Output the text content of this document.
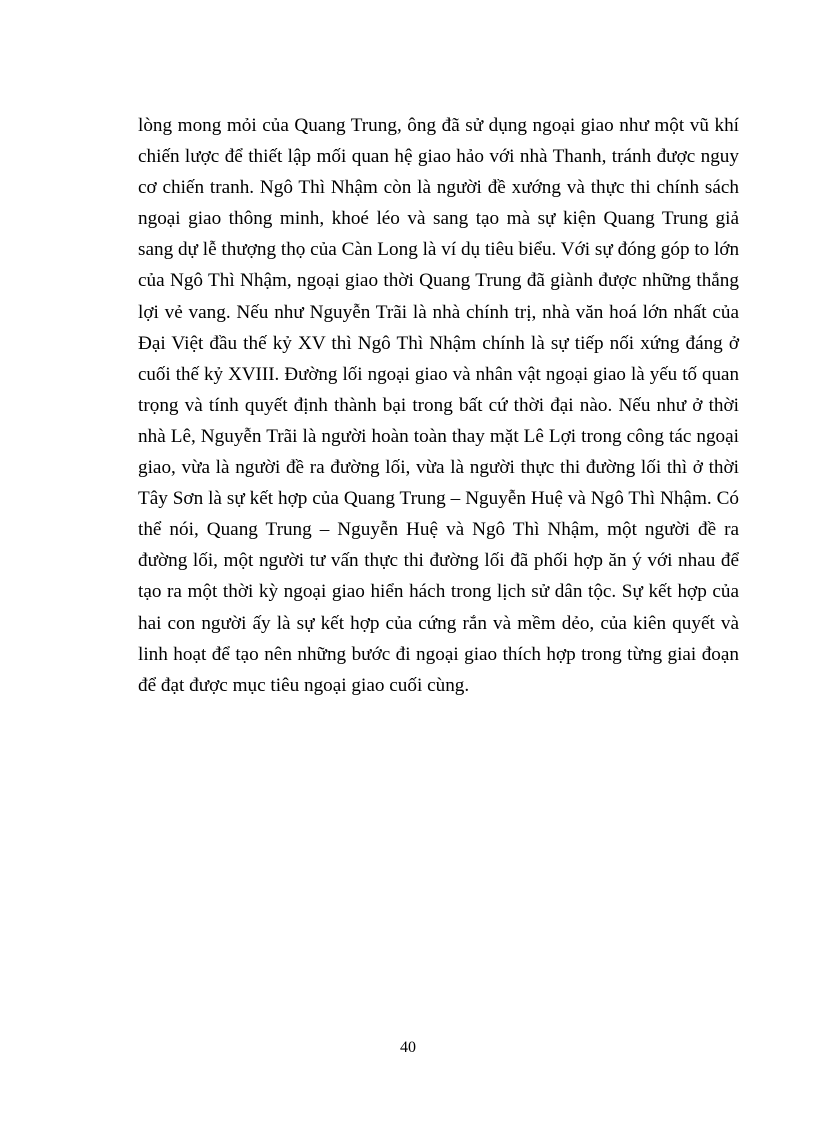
lòng mong mỏi của Quang Trung, ông đã sử dụng ngoại giao như một vũ khí
chiến lược để thiết lập mối quan hệ giao hảo với nhà Thanh, tránh được nguy
cơ chiến tranh. Ngô Thì Nhậm còn là người đề xướng và thực thi chính sách
ngoại giao thông minh, khoé léo và sang tạo mà sự kiện Quang Trung giả
sang dự lễ thượng thọ của Càn Long là ví dụ tiêu biểu. Với sự đóng góp to lớn
của Ngô Thì Nhậm, ngoại giao thời Quang Trung đã giành được những thắng
lợi vẻ vang. Nếu như Nguyễn Trãi là nhà chính trị, nhà văn hoá lớn nhất của
Đại Việt đầu thế kỷ XV thì Ngô Thì Nhậm chính là sự tiếp nối xứng đáng ở
cuối thế kỷ XVIII. Đường lối ngoại giao và nhân vật ngoại giao là yếu tố quan
trọng và tính quyết định thành bại trong bất cứ thời đại nào. Nếu như ở thời
nhà Lê, Nguyễn Trãi là người hoàn toàn thay mặt Lê Lợi trong công tác ngoại
giao, vừa là người đề ra đường lối, vừa là người thực thi đường lối thì ở thời
Tây Sơn là sự kết hợp của Quang Trung – Nguyễn Huệ và Ngô Thì Nhậm. Có
thể nói, Quang Trung – Nguyễn Huệ và Ngô Thì Nhậm, một người đề ra
đường lối, một người tư vấn thực thi đường lối đã phối hợp ăn ý với nhau để
tạo ra một thời kỳ ngoại giao hiển hách trong lịch sử dân tộc. Sự kết hợp của
hai con người ấy là sự kết hợp của cứng rắn và mềm dẻo, của kiên quyết và
linh hoạt để tạo nên những bước đi ngoại giao thích hợp trong từng giai đoạn
để đạt được mục tiêu ngoại giao cuối cùng.
40
